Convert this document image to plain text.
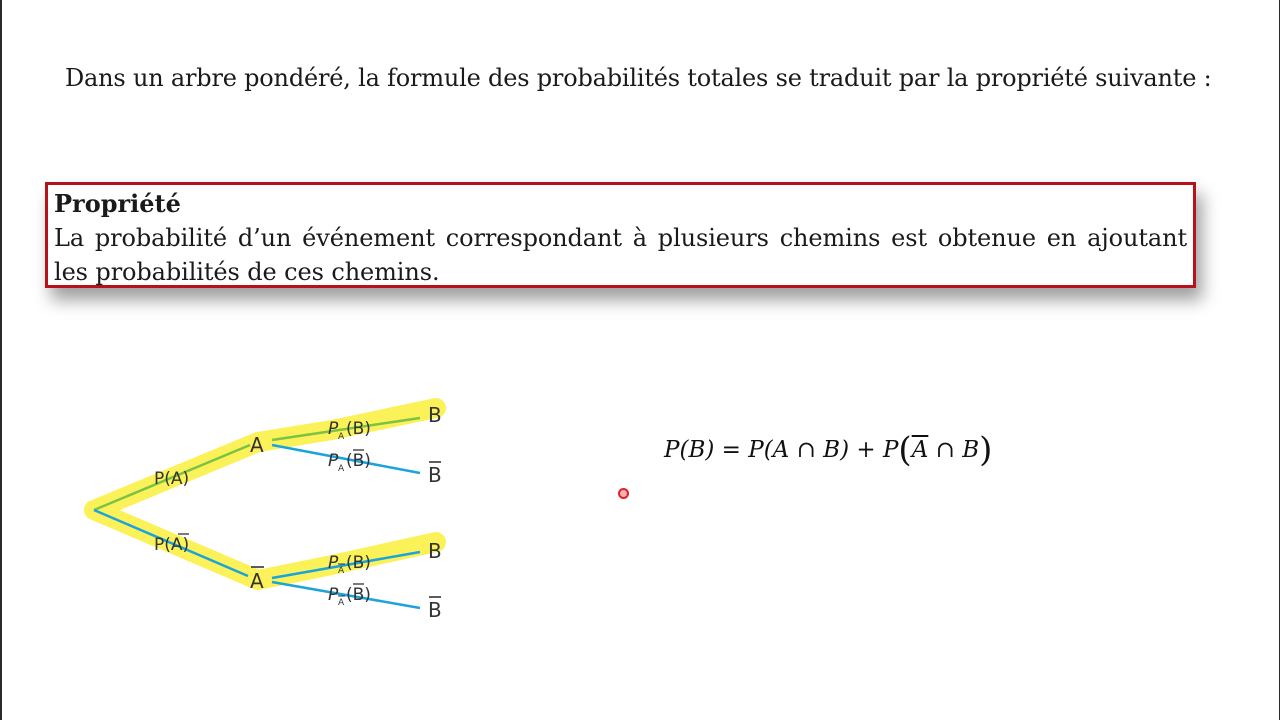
Dans un arbre pondéré, la formule des probabilités totales se traduit par la propriété suivante :
Propriété
La probabilité d’un événement correspondant à plusieurs chemins est obtenue en ajoutant les probabilités de ces chemins.
A
A
B
B
B
B
P(A)
P(A)
P A (B)
P A (B)
P A (B)
P A (B)
P(B) = P(A ∩ $B) + P(\overline{A}$ ∩ B)
